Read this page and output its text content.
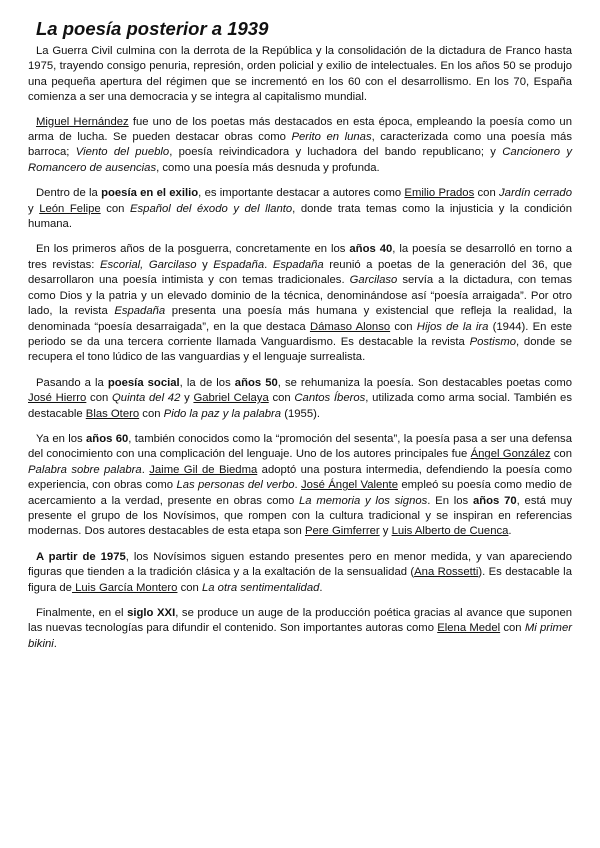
La poesía posterior a 1939

La Guerra Civil culmina con la derrota de la República y la consolidación de la dictadura de Franco hasta 1975, trayendo consigo penuria, represión, orden policial y exilio de intelectuales. En los años 50 se produjo una pequeña apertura del régimen que se incrementó en los 60 con el desarrollismo. En los 70, España comienza a ser una democracia y se integra al capitalismo mundial.

Miguel Hernández fue uno de los poetas más destacados en esta época, empleando la poesía como un arma de lucha. Se pueden destacar obras como Perito en lunas, caracterizada como una poesía más barroca; Viento del pueblo, poesía reivindicadora y luchadora del bando republicano; y Cancionero y Romancero de ausencias, como una poesía más desnuda y profunda.

Dentro de la poesía en el exilio, es importante destacar a autores como Emilio Prados con Jardín cerrado y León Felipe con Español del éxodo y del llanto, donde trata temas como la injusticia y la condición humana.

En los primeros años de la posguerra, concretamente en los años 40, la poesía se desarrolló en torno a tres revistas: Escorial, Garcilaso y Espadaña. Espadaña reunió a poetas de la generación del 36, que desarrollaron una poesía intimista y con temas tradicionales. Garcilaso servía a la dictadura, con temas como Dios y la patria y un elevado dominio de la técnica, denominándose así “poesía arraigada”. Por otro lado, la revista Espadaña presenta una poesía más humana y existencial que refleja la realidad, la denominada “poesía desarraigada”, en la que destaca Dámaso Alonso con Hijos de la ira (1944). En este periodo se da una tercera corriente llamada Vanguardismo. Es destacable la revista Postismo, donde se recupera el tono lúdico de las vanguardias y el lenguaje surrealista.

Pasando a la poesía social, la de los años 50, se rehumaniza la poesía. Son destacables poetas como José Hierro con Quinta del 42 y Gabriel Celaya con Cantos Íberos, utilizada como arma social. También es destacable Blas Otero con Pido la paz y la palabra (1955).

Ya en los años 60, también conocidos como la “promoción del sesenta”, la poesía pasa a ser una defensa del conocimiento con una complicación del lenguaje. Uno de los autores principales fue Ángel González con Palabra sobre palabra. Jaime Gil de Biedma adoptó una postura intermedia, defendiendo la poesía como experiencia, con obras como Las personas del verbo. José Ángel Valente empleó su poesía como medio de acercamiento a la verdad, presente en obras como La memoria y los signos. En los años 70, está muy presente el grupo de los Novísimos, que rompen con la cultura tradicional y se inspiran en referencias modernas. Dos autores destacables de esta etapa son Pere Gimferrer y Luis Alberto de Cuenca.

A partir de 1975, los Novísimos siguen estando presentes pero en menor medida, y van apareciendo figuras que tienden a la tradición clásica y a la exaltación de la sensualidad (Ana Rossetti). Es destacable la figura de Luis García Montero con La otra sentimentalidad.

Finalmente, en el siglo XXI, se produce un auge de la producción poética gracias al avance que suponen las nuevas tecnologías para difundir el contenido. Son importantes autoras como Elena Medel con Mi primer bikini.
